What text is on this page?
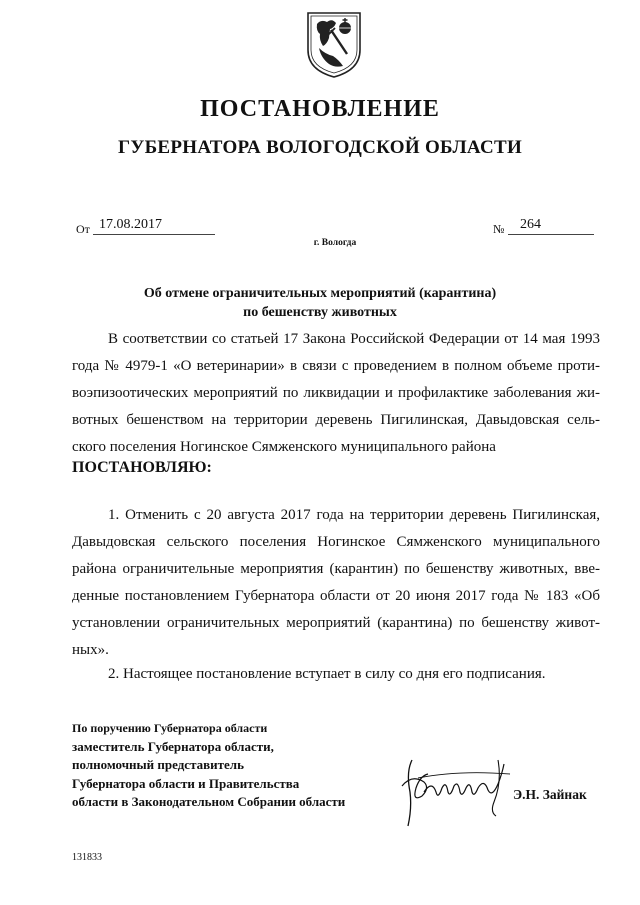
ПОСТАНОВЛЕНИЕ
ГУБЕРНАТОРА ВОЛОГОДСКОЙ ОБЛАСТИ
От 17.08.2017	№	264
г. Вологда
Об отмене ограничительных мероприятий (карантина)
по бешенству животных
В соответствии со статьей 17 Закона Российской Федерации от 14 мая 1993
года № 4979-1 «О ветеринарии» в связи с проведением в полном объеме проти-
воэпизоотических мероприятий по ликвидации и профилактике заболевания жи-
вотных бешенством на территории деревень Пигилинская, Давыдовская сель-
ского поселения Ногинское Сямженского муниципального района
ПОСТАНОВЛЯЮ:
1. Отменить с 20 августа 2017 года на территории деревень Пигилинская,
Давыдовская сельского поселения Ногинское Сямженского муниципального
района ограничительные мероприятия (карантин) по бешенству животных, вве-
денные постановлением Губернатора области от 20 июня 2017 года № 183 «Об
установлении ограничительных мероприятий (карантина) по бешенству живот-
ных».
2. Настоящее постановление вступает в силу со дня его подписания.
По поручению Губернатора области
заместитель Губернатора области,
полномочный представитель
Губернатора области и Правительства
области в Законодательном Собрании области	Э.Н. Зайнак
131833
